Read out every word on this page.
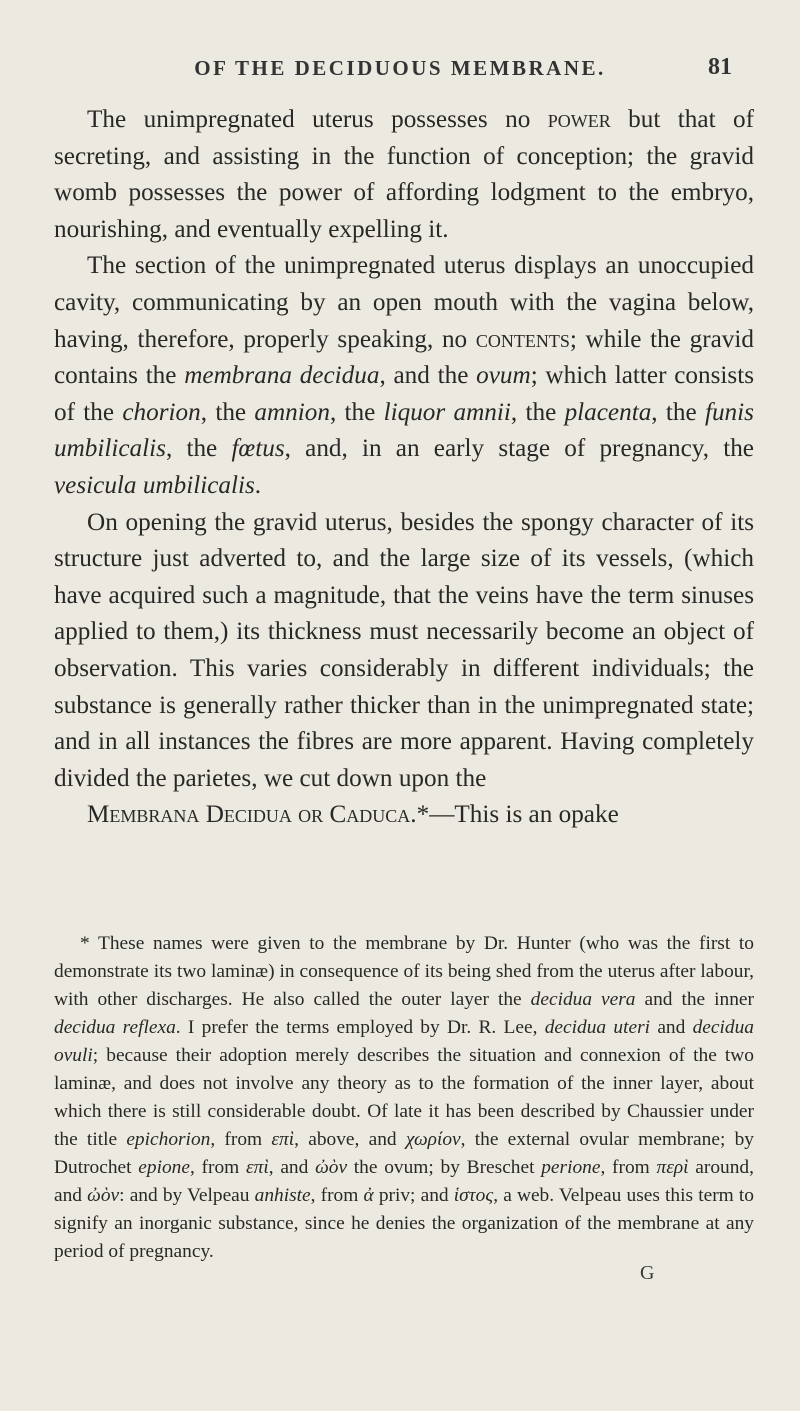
OF THE DECIDUOUS MEMBRANE.	81

The unimpregnated uterus possesses no power but that of secreting, and assisting in the function of conception; the gravid womb possesses the power of affording lodgment to the embryo, nourishing, and eventually expelling it.

The section of the unimpregnated uterus displays an unoccupied cavity, communicating by an open mouth with the vagina below, having, therefore, properly speaking, no contents; while the gravid contains the membrana decidua, and the ovum; which latter consists of the chorion, the amnion, the liquor amnii, the placenta, the funis umbilicalis, the fœtus, and, in an early stage of pregnancy, the vesicula umbilicalis.

On opening the gravid uterus, besides the spongy character of its structure just adverted to, and the large size of its vessels, (which have acquired such a magnitude, that the veins have the term sinuses applied to them,) its thickness must necessarily become an object of observation. This varies considerably in different individuals; the substance is generally rather thicker than in the unimpregnated state; and in all instances the fibres are more apparent. Having completely divided the parietes, we cut down upon the

Membrana Decidua or Caduca.*—This is an opake

* These names were given to the membrane by Dr. Hunter (who was the first to demonstrate its two laminæ) in consequence of its being shed from the uterus after labour, with other discharges. He also called the outer layer the decidua vera and the inner decidua reflexa. I prefer the terms employed by Dr. R. Lee, decidua uteri and decidua ovuli; because their adoption merely describes the situation and connexion of the two laminæ, and does not involve any theory as to the formation of the inner layer, about which there is still considerable doubt. Of late it has been described by Chaussier under the title epichorion, from επὶ, above, and χωρίον, the external ovular membrane; by Dutrochet epione, from επὶ, and ὠὸν the ovum; by Breschet perione, from περὶ around, and ὠὸν: and by Velpeau anhiste, from ἀ priv; and ἱστος, a web. Velpeau uses this term to signify an inorganic substance, since he denies the organization of the membrane at any period of pregnancy.

G
